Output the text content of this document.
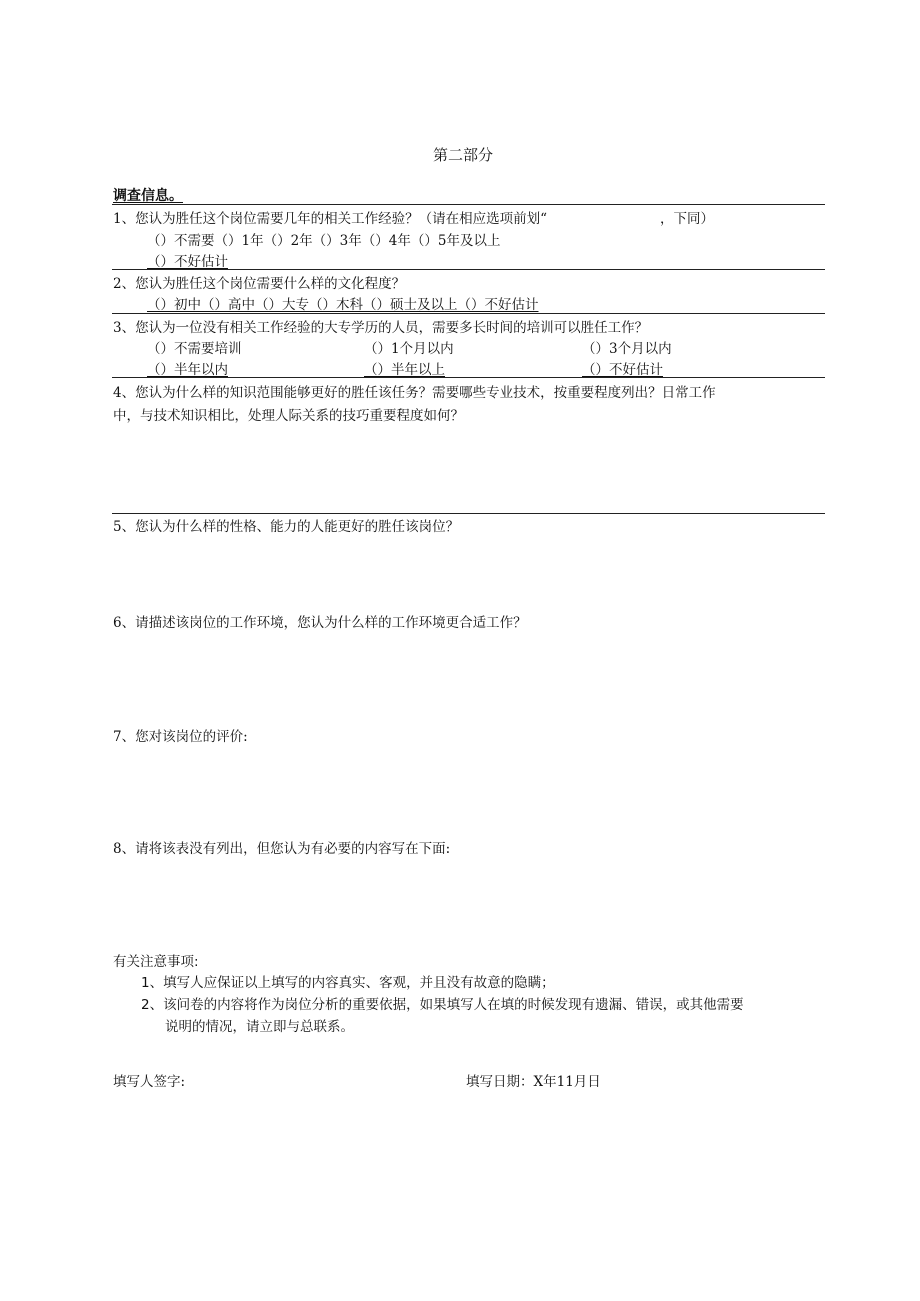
第二部分
调查信息。
1、您认为胜任这个岗位需要几年的相关工作经验？（请在相应选项前划“	，下同）
（）不需要（）1年（）2年（）3年（）4年（）5年及以上
（）不好估计
2、您认为胜任这个岗位需要什么样的文化程度？
（）初中（）高中（）大专（）木科（）硕士及以上（）不好估计
3、您认为一位没有相关工作经验的大专学历的人员，需要多长时间的培训可以胜任工作？
（）不需要培训	（）1个月以内	（）3个月以内
（）半年以内	（）半年以上	（）不好估计
4、您认为什么样的知识范围能够更好的胜任该任务？需要哪些专业技术，按重要程度列出？日常工作
中，与技术知识相比，处理人际关系的技巧重要程度如何？
5、您认为什么样的性格、能力的人能更好的胜任该岗位？
6、请描述该岗位的工作环境，您认为什么样的工作环境更合适工作？
7、您对该岗位的评价:
8、请将该表没有列出，但您认为有必要的内容写在下面:
有关注意事项:
1、填写人应保证以上填写的内容真实、客观，并且没有故意的隐瞒；
2、该问卷的内容将作为岗位分析的重要依据，如果填写人在填的时候发现有遗漏、错误，或其他需要
说明的情况，请立即与总联系。
填写人签字:	填写日期：X年11月日
